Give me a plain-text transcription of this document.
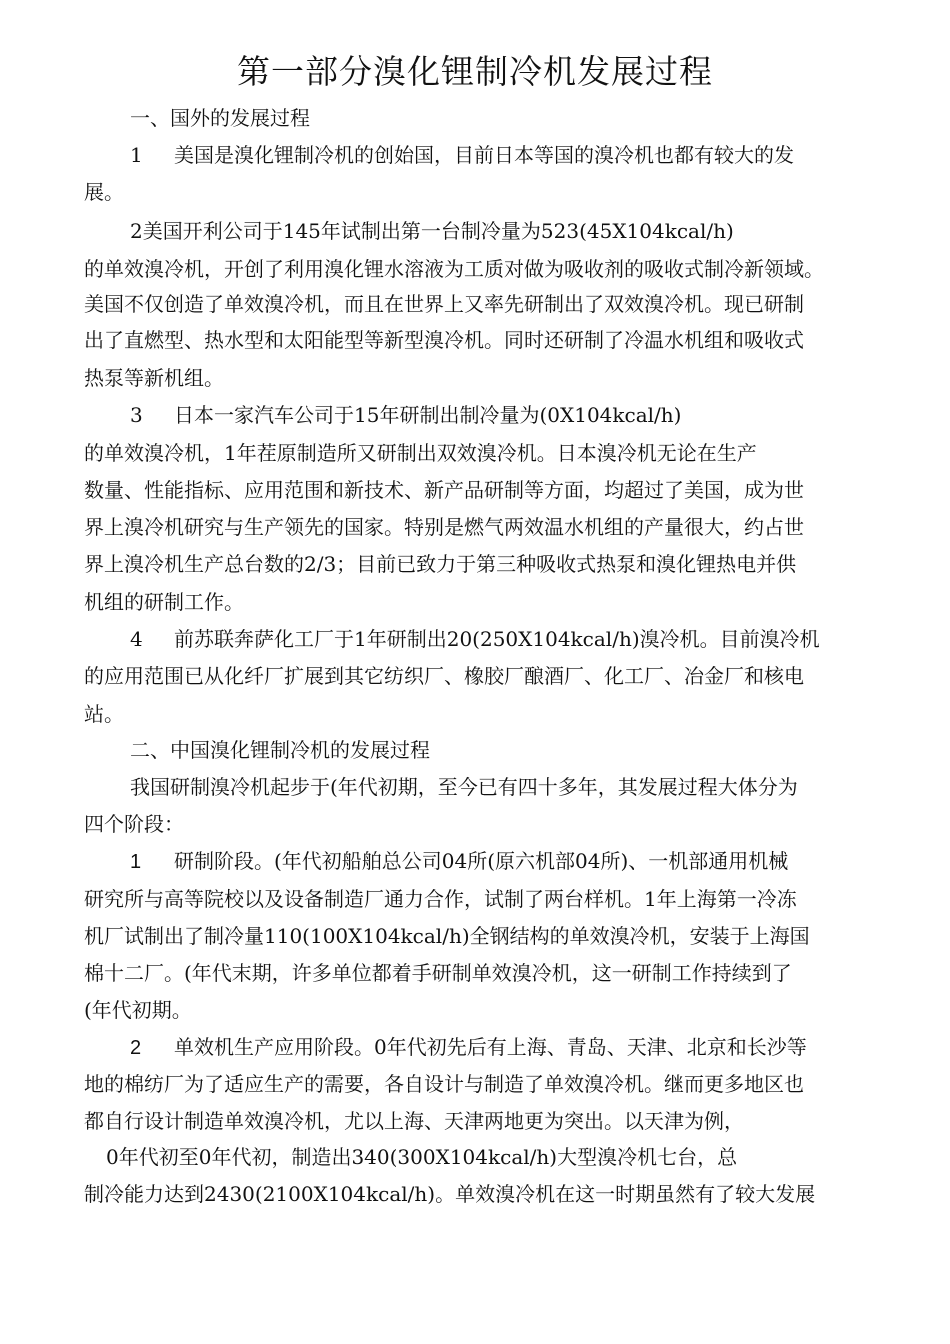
第一部分溴化锂制冷机发展过程
一、国外的发展过程
1 美国是溴化锂制冷机的创始国，目前日本等国的溴冷机也都有较大的发
展。
2美国开利公司于145年试制出第一台制冷量为523(45X104kcal/h)
的单效溴冷机，开创了利用溴化锂水溶液为工质对做为吸收剂的吸收式制冷新领域。
美国不仅创造了单效溴冷机，而且在世界上又率先研制出了双效溴冷机。现已研制
出了直燃型、热水型和太阳能型等新型溴冷机。同时还研制了冷温水机组和吸收式
热泵等新机组。
3 日本一家汽车公司于15年研制出制冷量为(0X104kcal/h)
的单效溴冷机，1年茬原制造所又研制出双效溴冷机。日本溴冷机无论在生产
数量、性能指标、应用范围和新技术、新产品研制等方面，均超过了美国，成为世
界上溴冷机研究与生产领先的国家。特别是燃气两效温水机组的产量很大，约占世
界上溴冷机生产总台数的2/3；目前已致力于第三种吸收式热泵和溴化锂热电并供
机组的研制工作。
4 前苏联奔萨化工厂于1年研制出20(250X104kcal/h)溴冷机。目前溴冷机
的应用范围已从化纤厂扩展到其它纺织厂、橡胶厂酿酒厂、化工厂、冶金厂和核电
站。
二、中国溴化锂制冷机的发展过程
我国研制溴冷机起步于(年代初期，至今已有四十多年，其发展过程大体分为
四个阶段：
1 研制阶段。(年代初船舶总公司04所(原六机部04所)、一机部通用机械
研究所与高等院校以及设备制造厂通力合作，试制了两台样机。1年上海第一冷冻
机厂试制出了制冷量110(100X104kcal/h)全钢结构的单效溴冷机，安装于上海国
棉十二厂。(年代末期，许多单位都着手研制单效溴冷机，这一研制工作持续到了
(年代初期。
2 单效机生产应用阶段。0年代初先后有上海、青岛、天津、北京和长沙等
地的棉纺厂为了适应生产的需要，各自设计与制造了单效溴冷机。继而更多地区也
都自行设计制造单效溴冷机，尤以上海、天津两地更为突出。以天津为例，
0年代初至0年代初，制造出340(300X104kcal/h)大型溴冷机七台，总
制冷能力达到2430(2100X104kcal/h)。单效溴冷机在这一时期虽然有了较大发展
